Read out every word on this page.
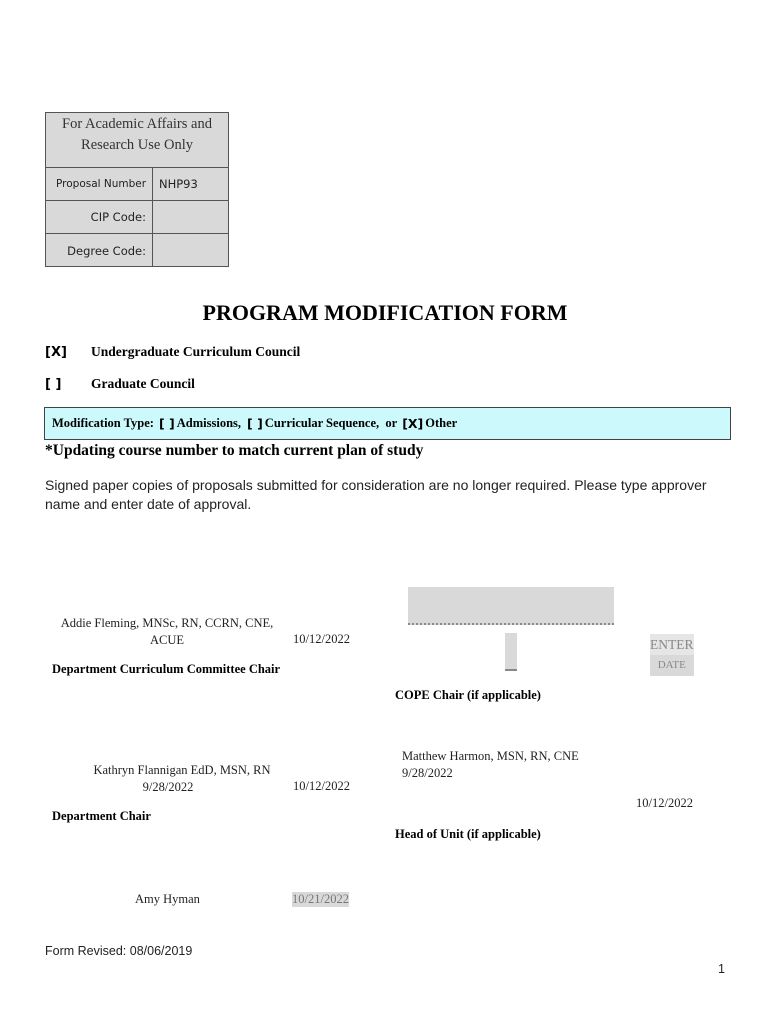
For Academic Affairs and
Research Use Only
Proposal Number	NHP93
CIP Code:
Degree Code:
PROGRAM MODIFICATION FORM
[X] Undergraduate Curriculum Council
[ ] Graduate Council
Modification Type: [ ] Admissions, [ ] Curricular Sequence,  or [X] Other
*Updating course number to match current plan of study
Signed paper copies of proposals submitted for consideration are no longer required. Please type approver name and enter date of approval.
Addie Fleming, MNSc, RN, CCRN, CNE,
ACUE	10/12/2022
Department Curriculum Committee Chair
ENTER
DATE
COPE Chair (if applicable)
Kathryn Flannigan EdD, MSN, RN
9/28/2022	10/12/2022
Department Chair
Matthew Harmon, MSN, RN, CNE
9/28/2022
10/12/2022
Head of Unit (if applicable)
Amy Hyman	10/21/2022
Form Revised: 08/06/2019
1
